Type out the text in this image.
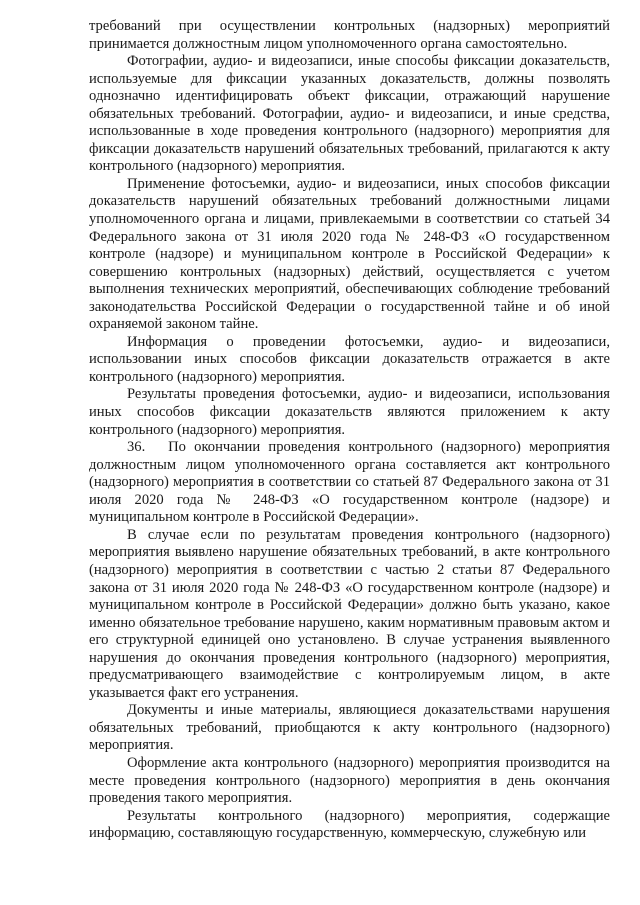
требований при осуществлении контрольных (надзорных) мероприятий принимается должностным лицом уполномоченного органа самостоятельно.

Фотографии, аудио- и видеозаписи, иные способы фиксации доказательств, используемые для фиксации указанных доказательств, должны позволять однозначно идентифицировать объект фиксации, отражающий нарушение обязательных требований. Фотографии, аудио- и видеозаписи, и иные средства, использованные в ходе проведения контрольного (надзорного) мероприятия для фиксации доказательств нарушений обязательных требований, прилагаются к акту контрольного (надзорного) мероприятия.

Применение фотосъемки, аудио- и видеозаписи, иных способов фиксации доказательств нарушений обязательных требований должностными лицами уполномоченного органа и лицами, привлекаемыми в соответствии со статьей 34 Федерального закона от 31 июля 2020 года № 248-ФЗ «О государственном контроле (надзоре) и муниципальном контроле в Российской Федерации» к совершению контрольных (надзорных) действий, осуществляется с учетом выполнения технических мероприятий, обеспечивающих соблюдение требований законодательства Российской Федерации о государственной тайне и об иной охраняемой законом тайне.

Информация о проведении фотосъемки, аудио- и видеозаписи, использовании иных способов фиксации доказательств отражается в акте контрольного (надзорного) мероприятия.

Результаты проведения фотосъемки, аудио- и видеозаписи, использования иных способов фиксации доказательств являются приложением к акту контрольного (надзорного) мероприятия.

36.  По окончании проведения контрольного (надзорного) мероприятия должностным лицом уполномоченного органа составляется акт контрольного (надзорного) мероприятия в соответствии со статьей 87 Федерального закона от 31 июля 2020 года № 248-ФЗ «О государственном контроле (надзоре) и муниципальном контроле в Российской Федерации».

В случае если по результатам проведения контрольного (надзорного) мероприятия выявлено нарушение обязательных требований, в акте контрольного (надзорного) мероприятия в соответствии с частью 2 статьи 87 Федерального закона от 31 июля 2020 года № 248-ФЗ «О государственном контроле (надзоре) и муниципальном контроле в Российской Федерации» должно быть указано, какое именно обязательное требование нарушено, каким нормативным правовым актом и его структурной единицей оно установлено. В случае устранения выявленного нарушения до окончания проведения контрольного (надзорного) мероприятия, предусматривающего взаимодействие с контролируемым лицом, в акте указывается факт его устранения.

Документы и иные материалы, являющиеся доказательствами нарушения обязательных требований, приобщаются к акту контрольного (надзорного) мероприятия.

Оформление акта контрольного (надзорного) мероприятия производится на месте проведения контрольного (надзорного) мероприятия в день окончания проведения такого мероприятия.

Результаты контрольного (надзорного) мероприятия, содержащие информацию, составляющую государственную, коммерческую, служебную или
